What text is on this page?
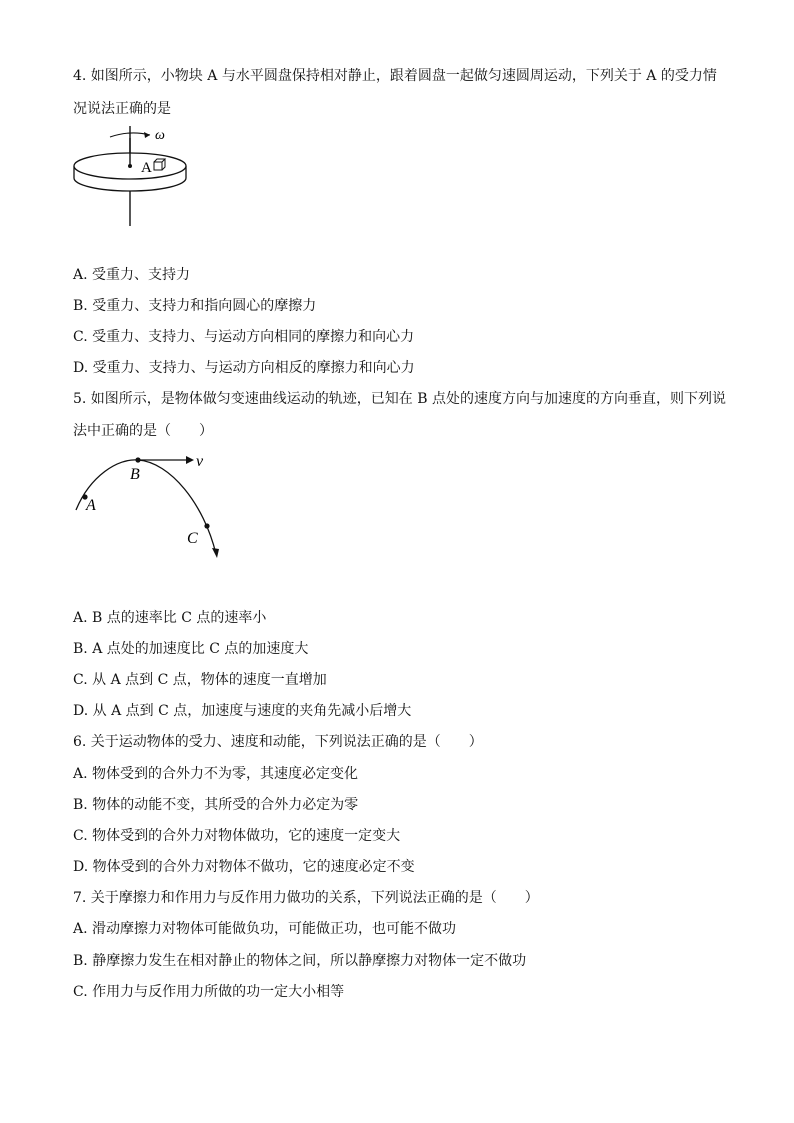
4. 如图所示，小物块 A 与水平圆盘保持相对静止，跟着圆盘一起做匀速圆周运动，下列关于 A 的受力情
况说法正确的是
ω
A
A. 受重力、支持力
B. 受重力、支持力和指向圆心的摩擦力
C. 受重力、支持力、与运动方向相同的摩擦力和向心力
D. 受重力、支持力、与运动方向相反的摩擦力和向心力
5. 如图所示，是物体做匀变速曲线运动的轨迹，已知在 B 点处的速度方向与加速度的方向垂直，则下列说
法中正确的是（　　）
v
A
B
C
A. B 点的速率比 C 点的速率小
B. A 点处的加速度比 C 点的加速度大
C. 从 A 点到 C 点，物体的速度一直增加
D. 从 A 点到 C 点，加速度与速度的夹角先减小后增大
6. 关于运动物体的受力、速度和动能，下列说法正确的是（　　）
A. 物体受到的合外力不为零，其速度必定变化
B. 物体的动能不变，其所受的合外力必定为零
C. 物体受到的合外力对物体做功，它的速度一定变大
D. 物体受到的合外力对物体不做功，它的速度必定不变
7. 关于摩擦力和作用力与反作用力做功的关系，下列说法正确的是（　　）
A. 滑动摩擦力对物体可能做负功，可能做正功，也可能不做功
B. 静摩擦力发生在相对静止的物体之间，所以静摩擦力对物体一定不做功
C. 作用力与反作用力所做的功一定大小相等
